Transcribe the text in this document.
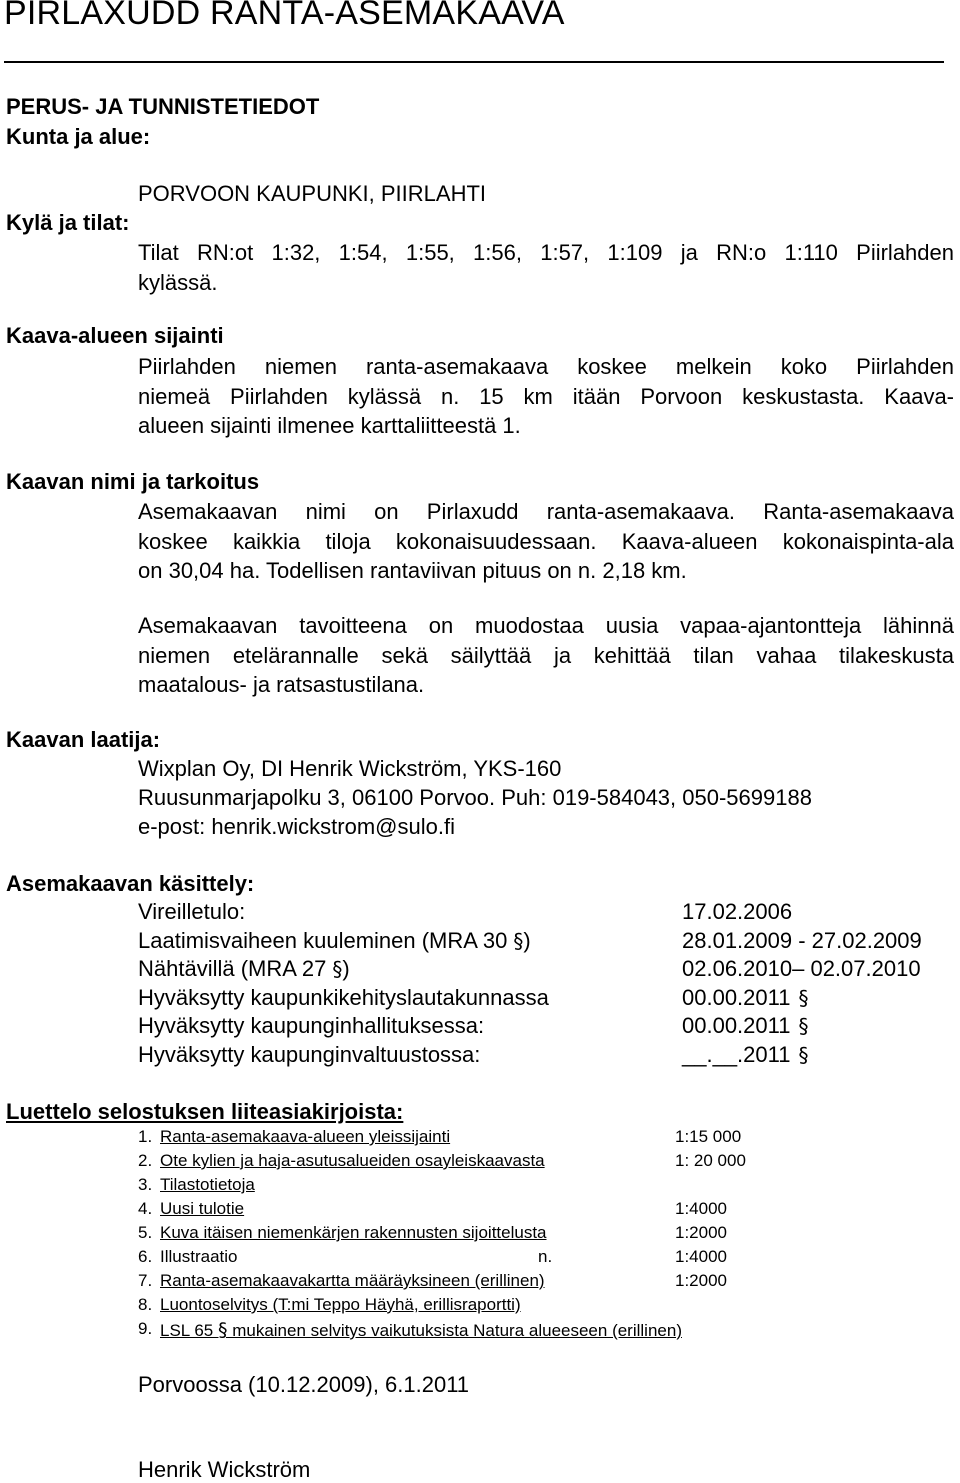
PIRLAXUDD RANTA-ASEMAKAAVA
PERUS- JA TUNNISTETIEDOT
Kunta ja alue:
PORVOON KAUPUNKI, PIIRLAHTI
Kylä ja tilat:
Tilat RN:ot 1:32, 1:54, 1:55, 1:56, 1:57, 1:109 ja RN:o 1:110 Piirlahden
kylässä.
Kaava-alueen sijainti
Piirlahden niemen ranta-asemakaava koskee melkein koko Piirlahden
niemeä Piirlahden kylässä n. 15 km itään Porvoon keskustasta. Kaava-
alueen sijainti ilmenee karttaliitteestä 1.
Kaavan nimi ja tarkoitus
Asemakaavan nimi on Pirlaxudd ranta-asemakaava. Ranta-asemakaava
koskee kaikkia tiloja kokonaisuudessaan. Kaava-alueen kokonaispinta-ala
on 30,04 ha. Todellisen rantaviivan pituus on n. 2,18 km.
Asemakaavan tavoitteena on muodostaa uusia vapaa-ajantontteja lähinnä
niemen etelärannalle sekä säilyttää ja kehittää tilan vahaa tilakeskusta
maatalous- ja ratsastustilana.
Kaavan laatija:
Wixplan Oy, DI Henrik Wickström, YKS-160
Ruusunmarjapolku 3, 06100 Porvoo. Puh: 019-584043, 050-5699188
e-post: henrik.wickstrom@sulo.fi
Asemakaavan käsittely:
Vireilletulo:	17.02.2006
Laatimisvaiheen kuuleminen (MRA 30 §)	28.01.2009 - 27.02.2009
Nähtävillä (MRA 27 §)	02.06.2010– 02.07.2010
Hyväksytty kaupunkikehityslautakunnassa	00.00.2011 §
Hyväksytty kaupunginhallituksessa:	00.00.2011 §
Hyväksytty kaupunginvaltuustossa:	__.__.2011 §
Luettelo selostuksen liiteasiakirjoista:
1. Ranta-asemakaava-alueen yleissijainti	1:15 000
2. Ote kylien ja haja-asutusalueiden osayleiskaavasta	1: 20 000
3. Tilastotietoja
4. Uusi tulotie	1:4000
5. Kuva itäisen niemenkärjen rakennusten sijoittelusta	1:2000
6. Illustraatio	n.	1:4000
7. Ranta-asemakaavakartta määräyksineen (erillinen)	1:2000
8. Luontoselvitys (T:mi Teppo Häyhä, erillisraportti)
9. LSL 65 § mukainen selvitys vaikutuksista Natura alueeseen (erillinen)
Porvoossa (10.12.2009), 6.1.2011
Henrik Wickström
